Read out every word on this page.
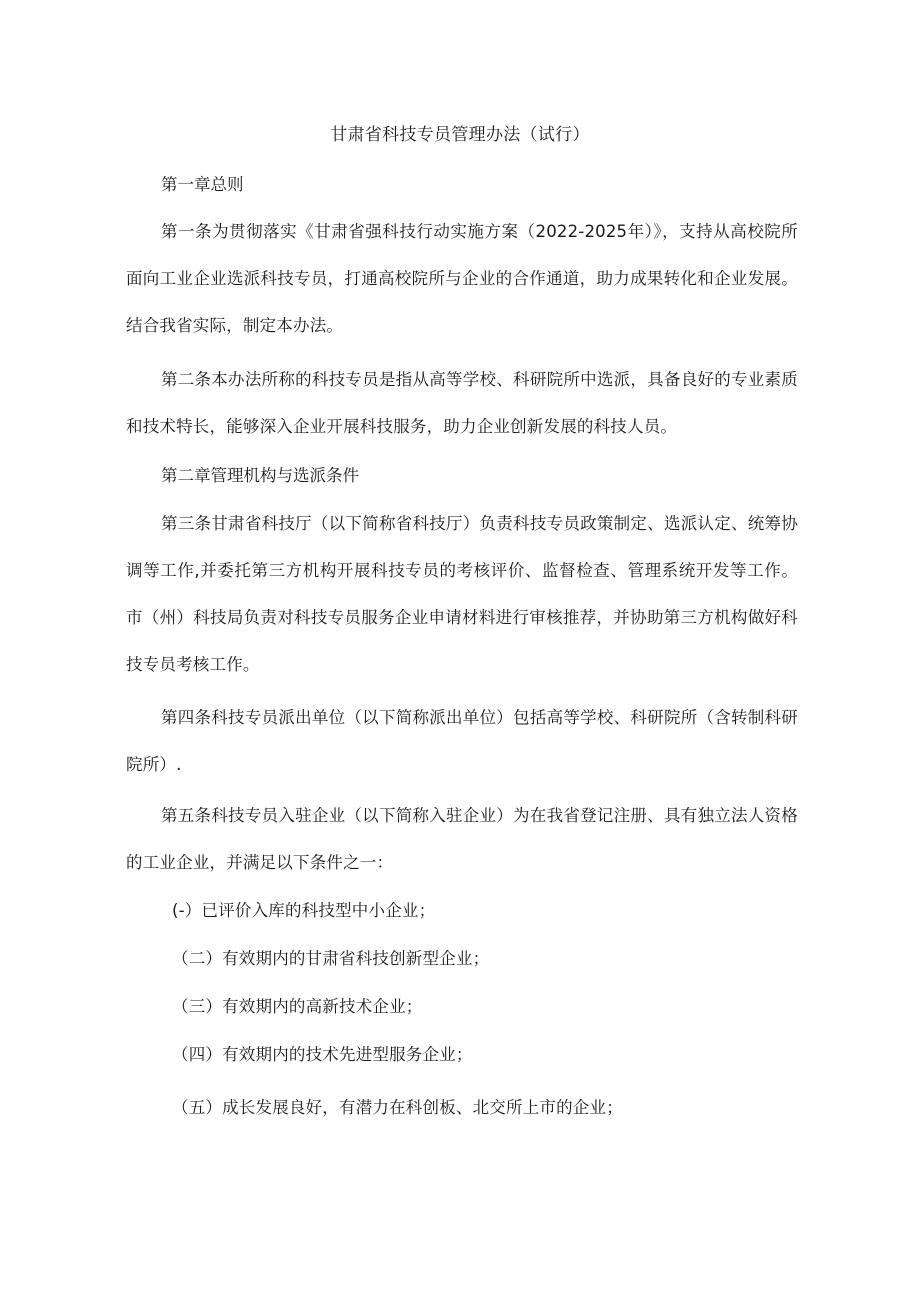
甘肃省科技专员管理办法（试行）

第一章总则

第一条为贯彻落实《甘肃省强科技行动实施方案（2022-2025年）》，支持从高校院所面向工业企业选派科技专员，打通高校院所与企业的合作通道，助力成果转化和企业发展。结合我省实际，制定本办法。

第二条本办法所称的科技专员是指从高等学校、科研院所中选派，具备良好的专业素质和技术特长，能够深入企业开展科技服务，助力企业创新发展的科技人员。

第二章管理机构与选派条件

第三条甘肃省科技厅（以下简称省科技厅）负责科技专员政策制定、选派认定、统筹协调等工作,并委托第三方机构开展科技专员的考核评价、监督检查、管理系统开发等工作。市（州）科技局负责对科技专员服务企业申请材料进行审核推荐，并协助第三方机构做好科技专员考核工作。

第四条科技专员派出单位（以下简称派出单位）包括高等学校、科研院所（含转制科研院所）.

第五条科技专员入驻企业（以下简称入驻企业）为在我省登记注册、具有独立法人资格的工业企业，并满足以下条件之一：

(-）已评价入库的科技型中小企业；

（二）有效期内的甘肃省科技创新型企业；

（三）有效期内的高新技术企业；

（四）有效期内的技术先进型服务企业；

（五）成长发展良好，有潜力在科创板、北交所上市的企业；
